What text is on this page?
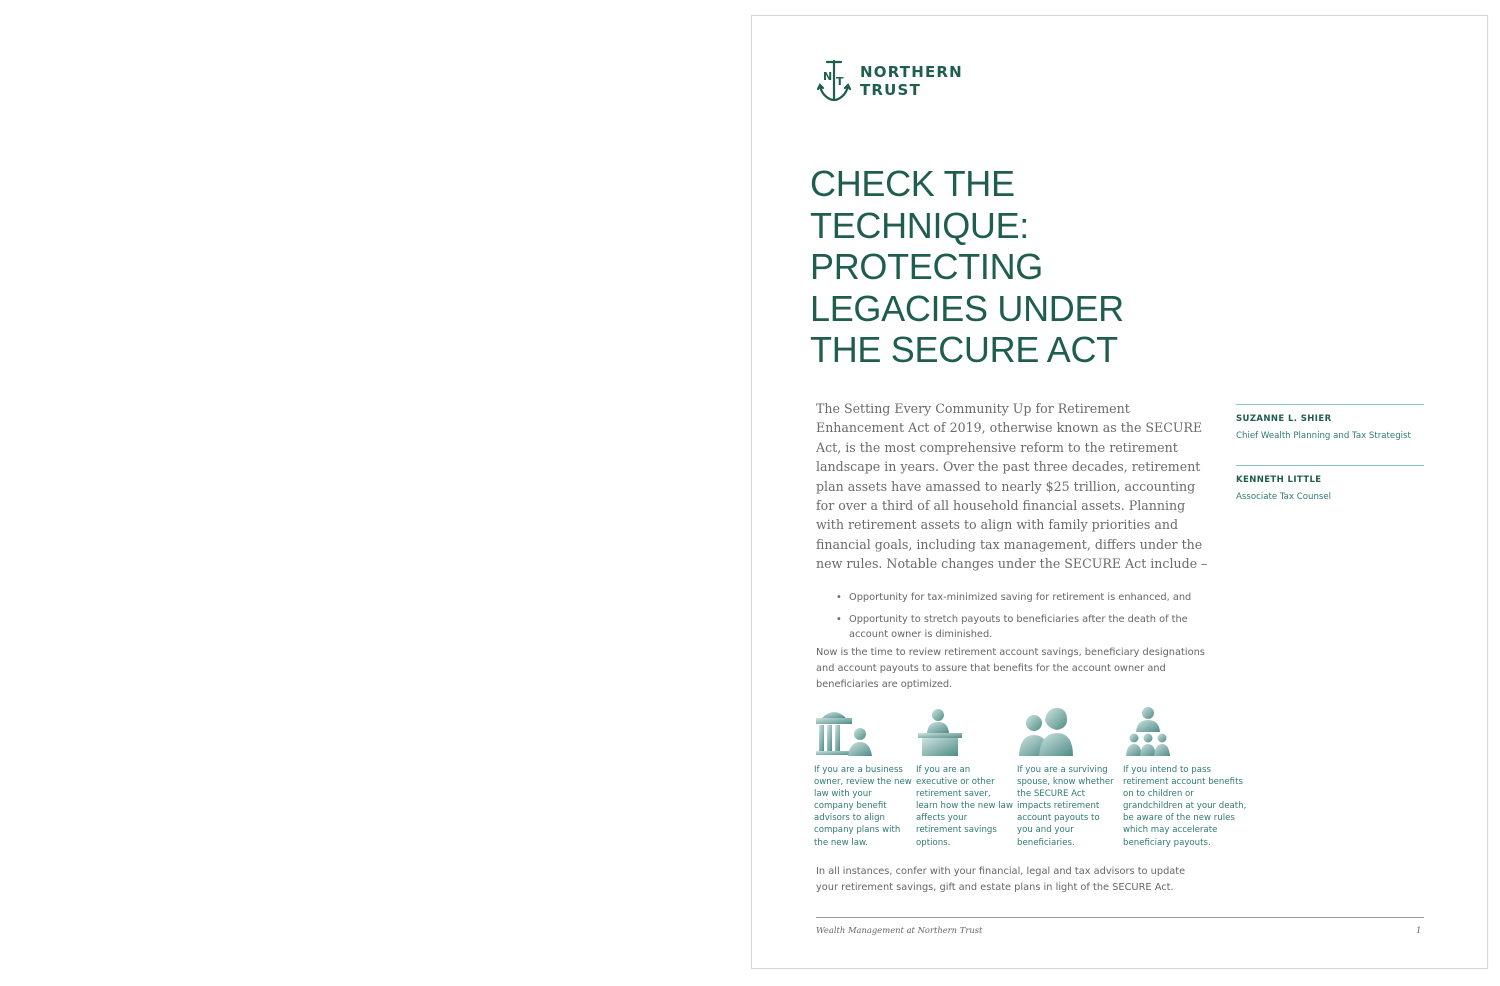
N T
NORTHERN
TRUST
CHECK THE
TECHNIQUE:
PROTECTING
LEGACIES UNDER
THE SECURE ACT

The Setting Every Community Up for Retirement Enhancement Act of 2019, otherwise known as the SECURE Act, is the most comprehensive reform to the retirement landscape in years. Over the past three decades, retirement plan assets have amassed to nearly $25 trillion, accounting for over a third of all household financial assets. Planning with retirement assets to align with family priorities and financial goals, including tax management, differs under the new rules. Notable changes under the SECURE Act include –

SUZANNE L. SHIER
Chief Wealth Planning and Tax Strategist
KENNETH LITTLE
Associate Tax Counsel
• Opportunity for tax-minimized saving for retirement is enhanced, and
• Opportunity to stretch payouts to beneficiaries after the death of the account owner is diminished.

Now is the time to review retirement account savings, beneficiary designations and account payouts to assure that benefits for the account owner and beneficiaries are optimized.

If you are a business owner, review the new law with your company benefit advisors to align company plans with the new law.
If you are an executive or other retirement saver, learn how the new law affects your retirement savings options.
If you are a surviving spouse, know whether the SECURE Act impacts retirement account payouts to you and your beneficiaries.
If you intend to pass retirement account benefits on to children or grandchildren at your death, be aware of the new rules which may accelerate beneficiary payouts.

In all instances, confer with your financial, legal and tax advisors to update your retirement savings, gift and estate plans in light of the SECURE Act.

Wealth Management at Northern Trust	1
